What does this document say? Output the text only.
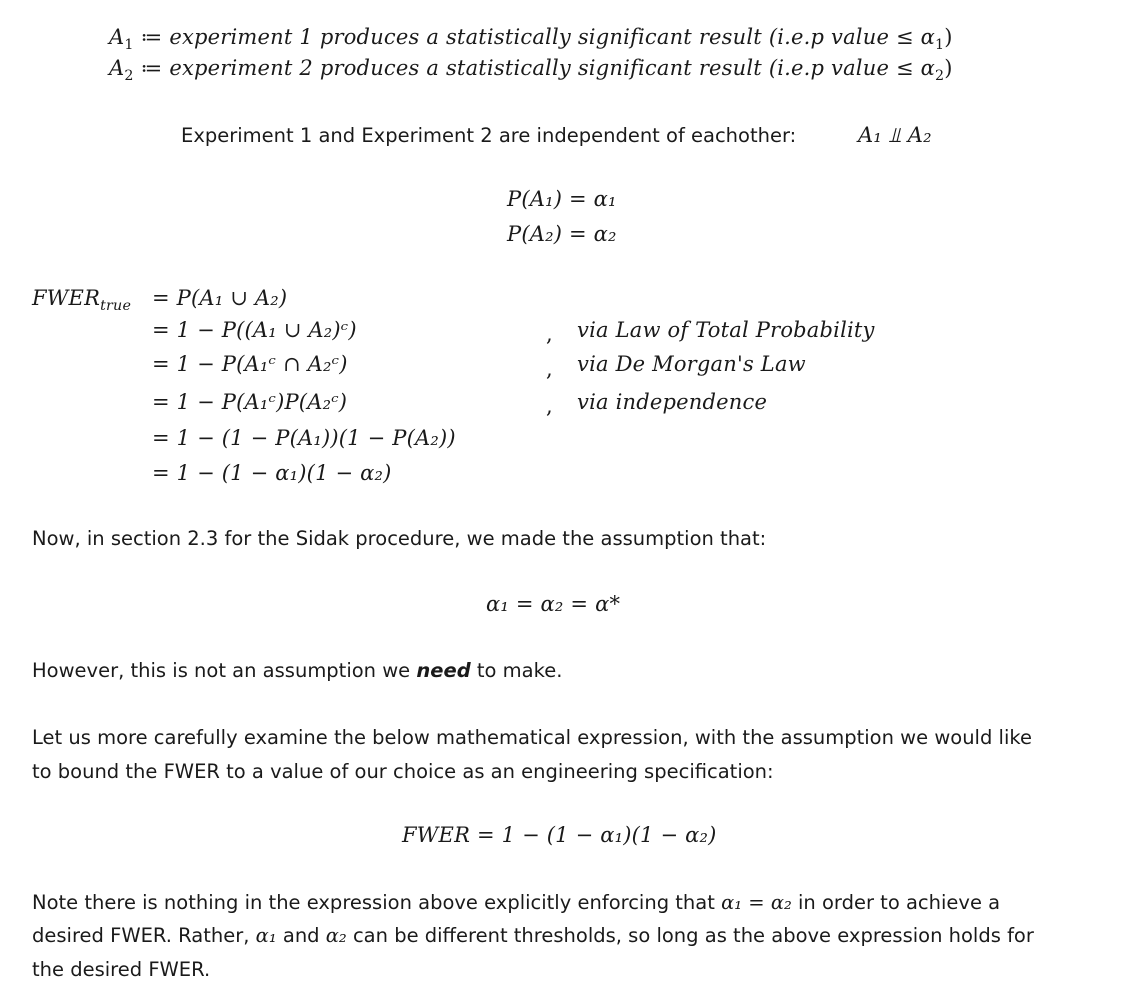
$A_1$ ≔ experiment 1 produces a statistically significant result (i.e.p value ≤ $\alpha_1$)
$A_2$ ≔ experiment 2 produces a statistically significant result (i.e.p value ≤ $\alpha_2$)
Experiment 1 and Experiment 2 are independent of eachother:	A₁ ⫫ A₂
P(A₁) = α₁
P(A₂) = α₂
$FWER_{true} = P(A_1$ ∪ A₂)
= 1 − P((A₁ ∪ A₂)ᶜ)	, via Law of Total Probability
= 1 − P(A₁ᶜ ∩ A₂ᶜ)	, via De Morgan's Law
= 1 − P(A₁ᶜ)P(A₂ᶜ)	, via independence
= 1 − (1 − P(A₁))(1 − P(A₂))
= 1 − (1 − α₁)(1 − α₂)
Now, in section 2.3 for the Sidak procedure, we made the assumption that:
α₁ = α₂ = α*
However, this is not an assumption we need to make.
Let us more carefully examine the below mathematical expression, with the assumption we would like
to bound the FWER to a value of our choice as an engineering specification:
FWER = 1 − (1 − α₁)(1 − α₂)
Note there is nothing in the expression above explicitly enforcing that α₁ = α₂ in order to achieve a
desired FWER. Rather, α₁ and α₂ can be different thresholds, so long as the above expression holds for
the desired FWER.
